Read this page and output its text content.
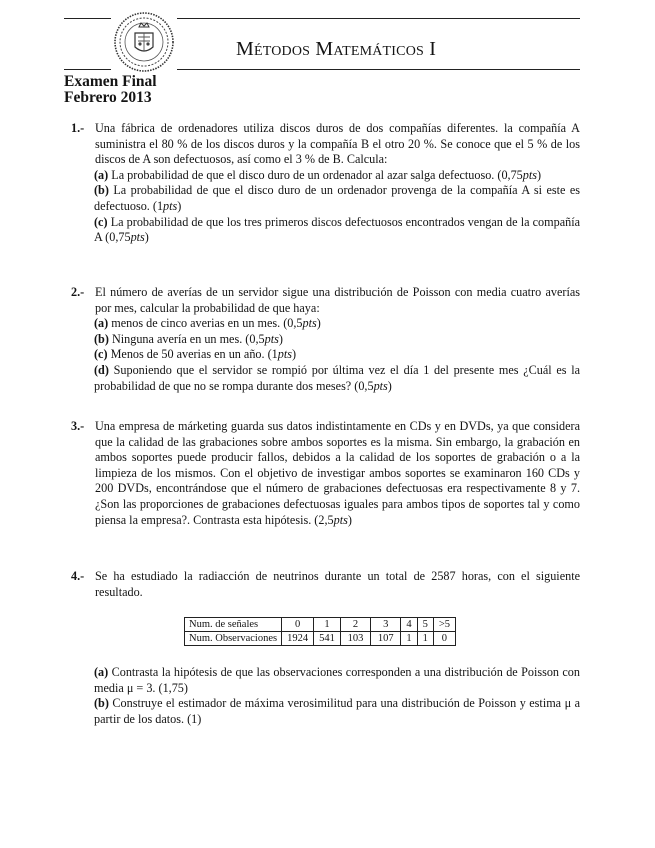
Métodos Matemáticos I
Examen Final
Febrero 2013
1.- Una fábrica de ordenadores utiliza discos duros de dos compañías diferentes. la compañía A suministra el 80 % de los discos duros y la compañía B el otro 20 %. Se conoce que el 5 % de los discos de A son defectuosos, así como el 3 % de B. Calcula:
(a) La probabilidad de que el disco duro de un ordenador al azar salga defectuoso. (0,75pts)
(b) La probabilidad de que el disco duro de un ordenador provenga de la compañía A si este es defectuoso. (1pts)
(c) La probabilidad de que los tres primeros discos defectuosos encontrados vengan de la compañía A (0,75pts)
2.- El número de averías de un servidor sigue una distribución de Poisson con media cuatro averías por mes, calcular la probabilidad de que haya:
(a) menos de cinco averias en un mes. (0,5pts)
(b) Ninguna avería en un mes. (0,5pts)
(c) Menos de 50 averias en un año. (1pts)
(d) Suponiendo que el servidor se rompió por última vez el día 1 del presente mes ¿Cuál es la probabilidad de que no se rompa durante dos meses? (0,5pts)
3.- Una empresa de márketing guarda sus datos indistintamente en CDs y en DVDs, ya que considera que la calidad de las grabaciones sobre ambos soportes es la misma. Sin embargo, la grabación en ambos soportes puede producir fallos, debidos a la calidad de los soportes de grabación o a la limpieza de los mismos. Con el objetivo de investigar ambos soportes se examinaron 160 CDs y 200 DVDs, encontrándose que el número de grabaciones defectuosas era respectivamente 8 y 7. ¿Son las proporciones de grabaciones defectuosas iguales para ambos tipos de soportes tal y como piensa la empresa?. Contrasta esta hipótesis. (2,5pts)
4.- Se ha estudiado la radiacción de neutrinos durante un total de 2587 horas, con el siguiente resultado.
Num. de señales	0	1	2	3	4	5	>5
Num. Observaciones	1924	541	103	107	1	1	0
(a) Contrasta la hipótesis de que las observaciones corresponden a una distribución de Poisson con media μ = 3. (1,75)
(b) Construye el estimador de máxima verosimilitud para una distribución de Poisson y estima μ a partir de los datos. (1)
